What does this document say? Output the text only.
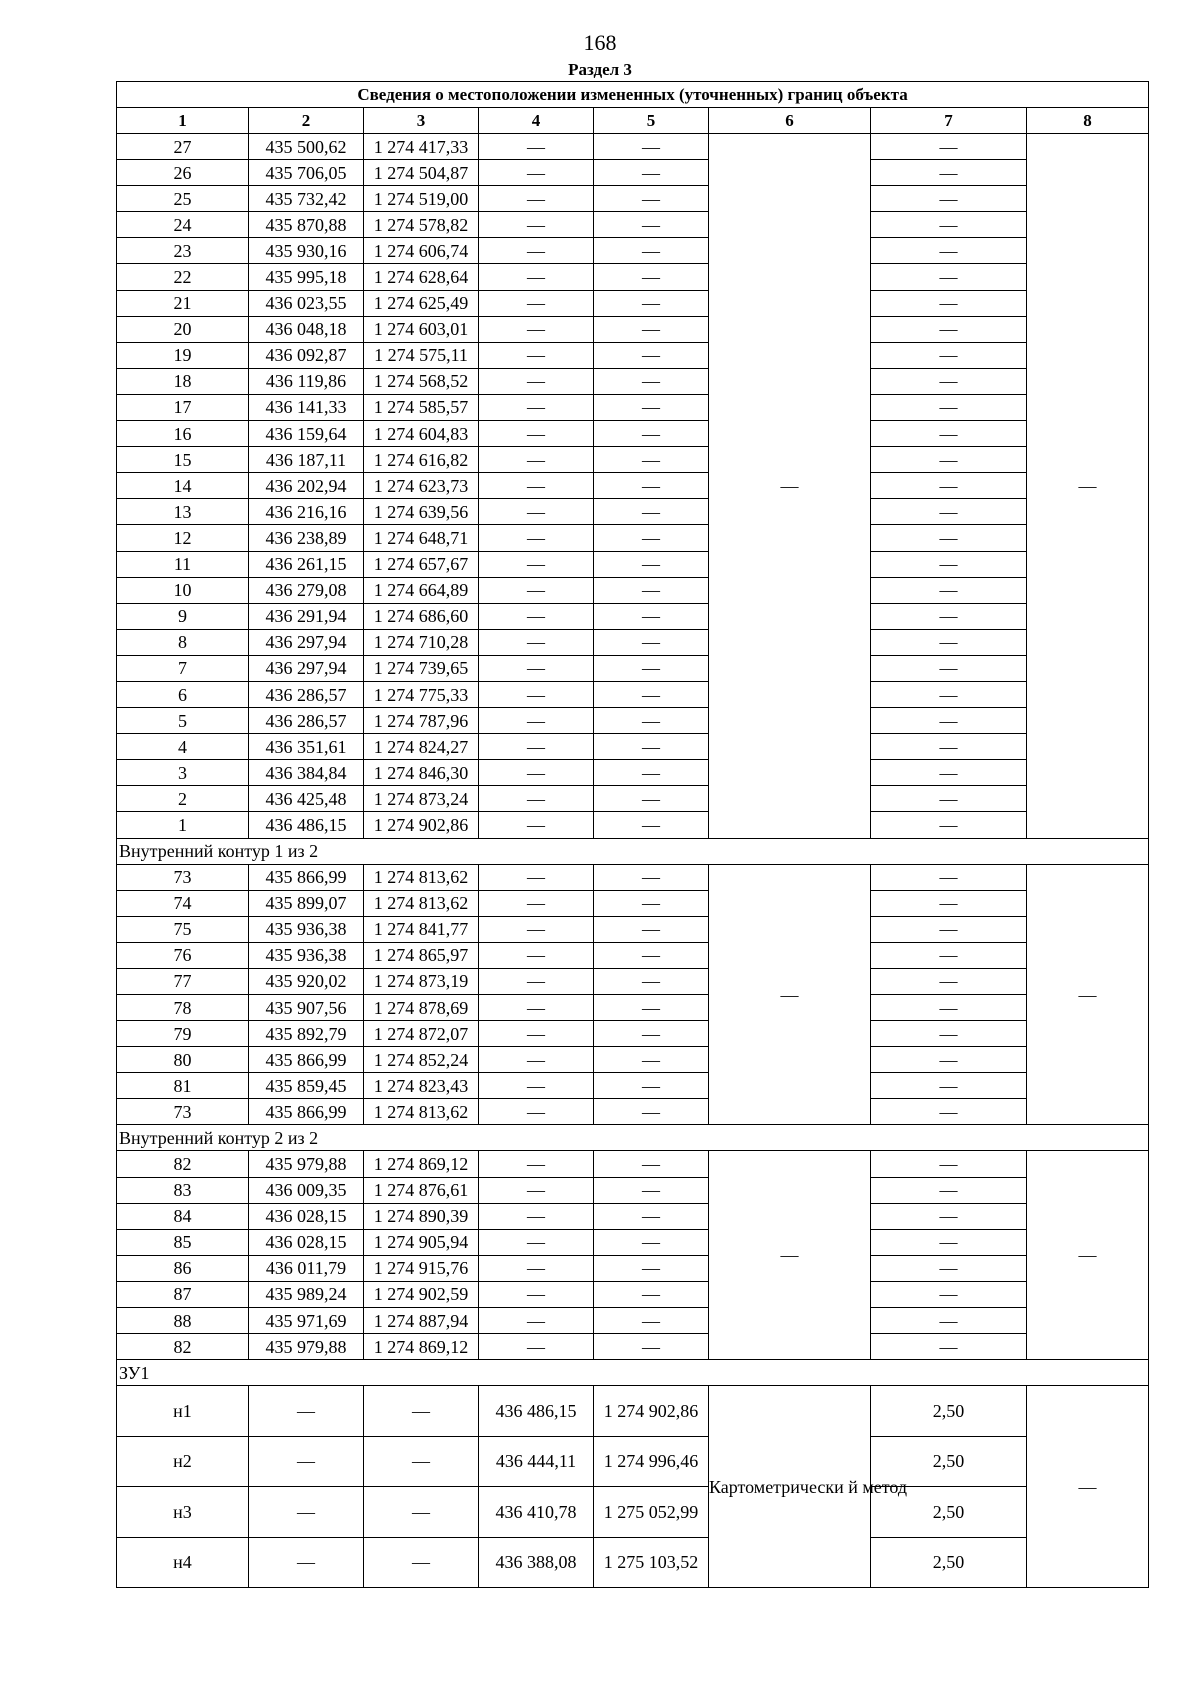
168
Раздел 3
Сведения о местоположении измененных (уточненных) границ объекта							
1	2	3	4	5	6	7	8
27	435 500,62	1 274 417,33	—	—	—	—	—
26	435 706,05	1 274 504,87	—	—		—	
25	435 732,42	1 274 519,00	—	—		—	
24	435 870,88	1 274 578,82	—	—		—	
23	435 930,16	1 274 606,74	—	—		—	
22	435 995,18	1 274 628,64	—	—		—	
21	436 023,55	1 274 625,49	—	—		—	
20	436 048,18	1 274 603,01	—	—		—	
19	436 092,87	1 274 575,11	—	—		—	
18	436 119,86	1 274 568,52	—	—		—	
17	436 141,33	1 274 585,57	—	—		—	
16	436 159,64	1 274 604,83	—	—		—	
15	436 187,11	1 274 616,82	—	—		—	
14	436 202,94	1 274 623,73	—	—		—	
13	436 216,16	1 274 639,56	—	—		—	
12	436 238,89	1 274 648,71	—	—		—	
11	436 261,15	1 274 657,67	—	—		—	
10	436 279,08	1 274 664,89	—	—		—	
9	436 291,94	1 274 686,60	—	—		—	
8	436 297,94	1 274 710,28	—	—		—	
7	436 297,94	1 274 739,65	—	—		—	
6	436 286,57	1 274 775,33	—	—		—	
5	436 286,57	1 274 787,96	—	—		—	
4	436 351,61	1 274 824,27	—	—		—	
3	436 384,84	1 274 846,30	—	—		—	
2	436 425,48	1 274 873,24	—	—		—	
1	436 486,15	1 274 902,86	—	—		—	
Внутренний контур 1 из 2							
73	435 866,99	1 274 813,62	—	—	—	—	—
74	435 899,07	1 274 813,62	—	—		—	
75	435 936,38	1 274 841,77	—	—		—	
76	435 936,38	1 274 865,97	—	—		—	
77	435 920,02	1 274 873,19	—	—		—	
78	435 907,56	1 274 878,69	—	—		—	
79	435 892,79	1 274 872,07	—	—		—	
80	435 866,99	1 274 852,24	—	—		—	
81	435 859,45	1 274 823,43	—	—		—	
73	435 866,99	1 274 813,62	—	—		—	
Внутренний контур 2 из 2							
82	435 979,88	1 274 869,12	—	—	—	—	—
83	436 009,35	1 274 876,61	—	—		—	
84	436 028,15	1 274 890,39	—	—		—	
85	436 028,15	1 274 905,94	—	—		—	
86	436 011,79	1 274 915,76	—	—		—	
87	435 989,24	1 274 902,59	—	—		—	
88	435 971,69	1 274 887,94	—	—		—	
82	435 979,88	1 274 869,12	—	—		—	
ЗУ1							
н1	—	—	436 486,15	1 274 902,86	Картометрически й метод	2,50	—
н2	—	—	436 444,11	1 274 996,46		2,50	
н3	—	—	436 410,78	1 275 052,99		2,50	
н4	—	—	436 388,08	1 275 103,52		2,50	
